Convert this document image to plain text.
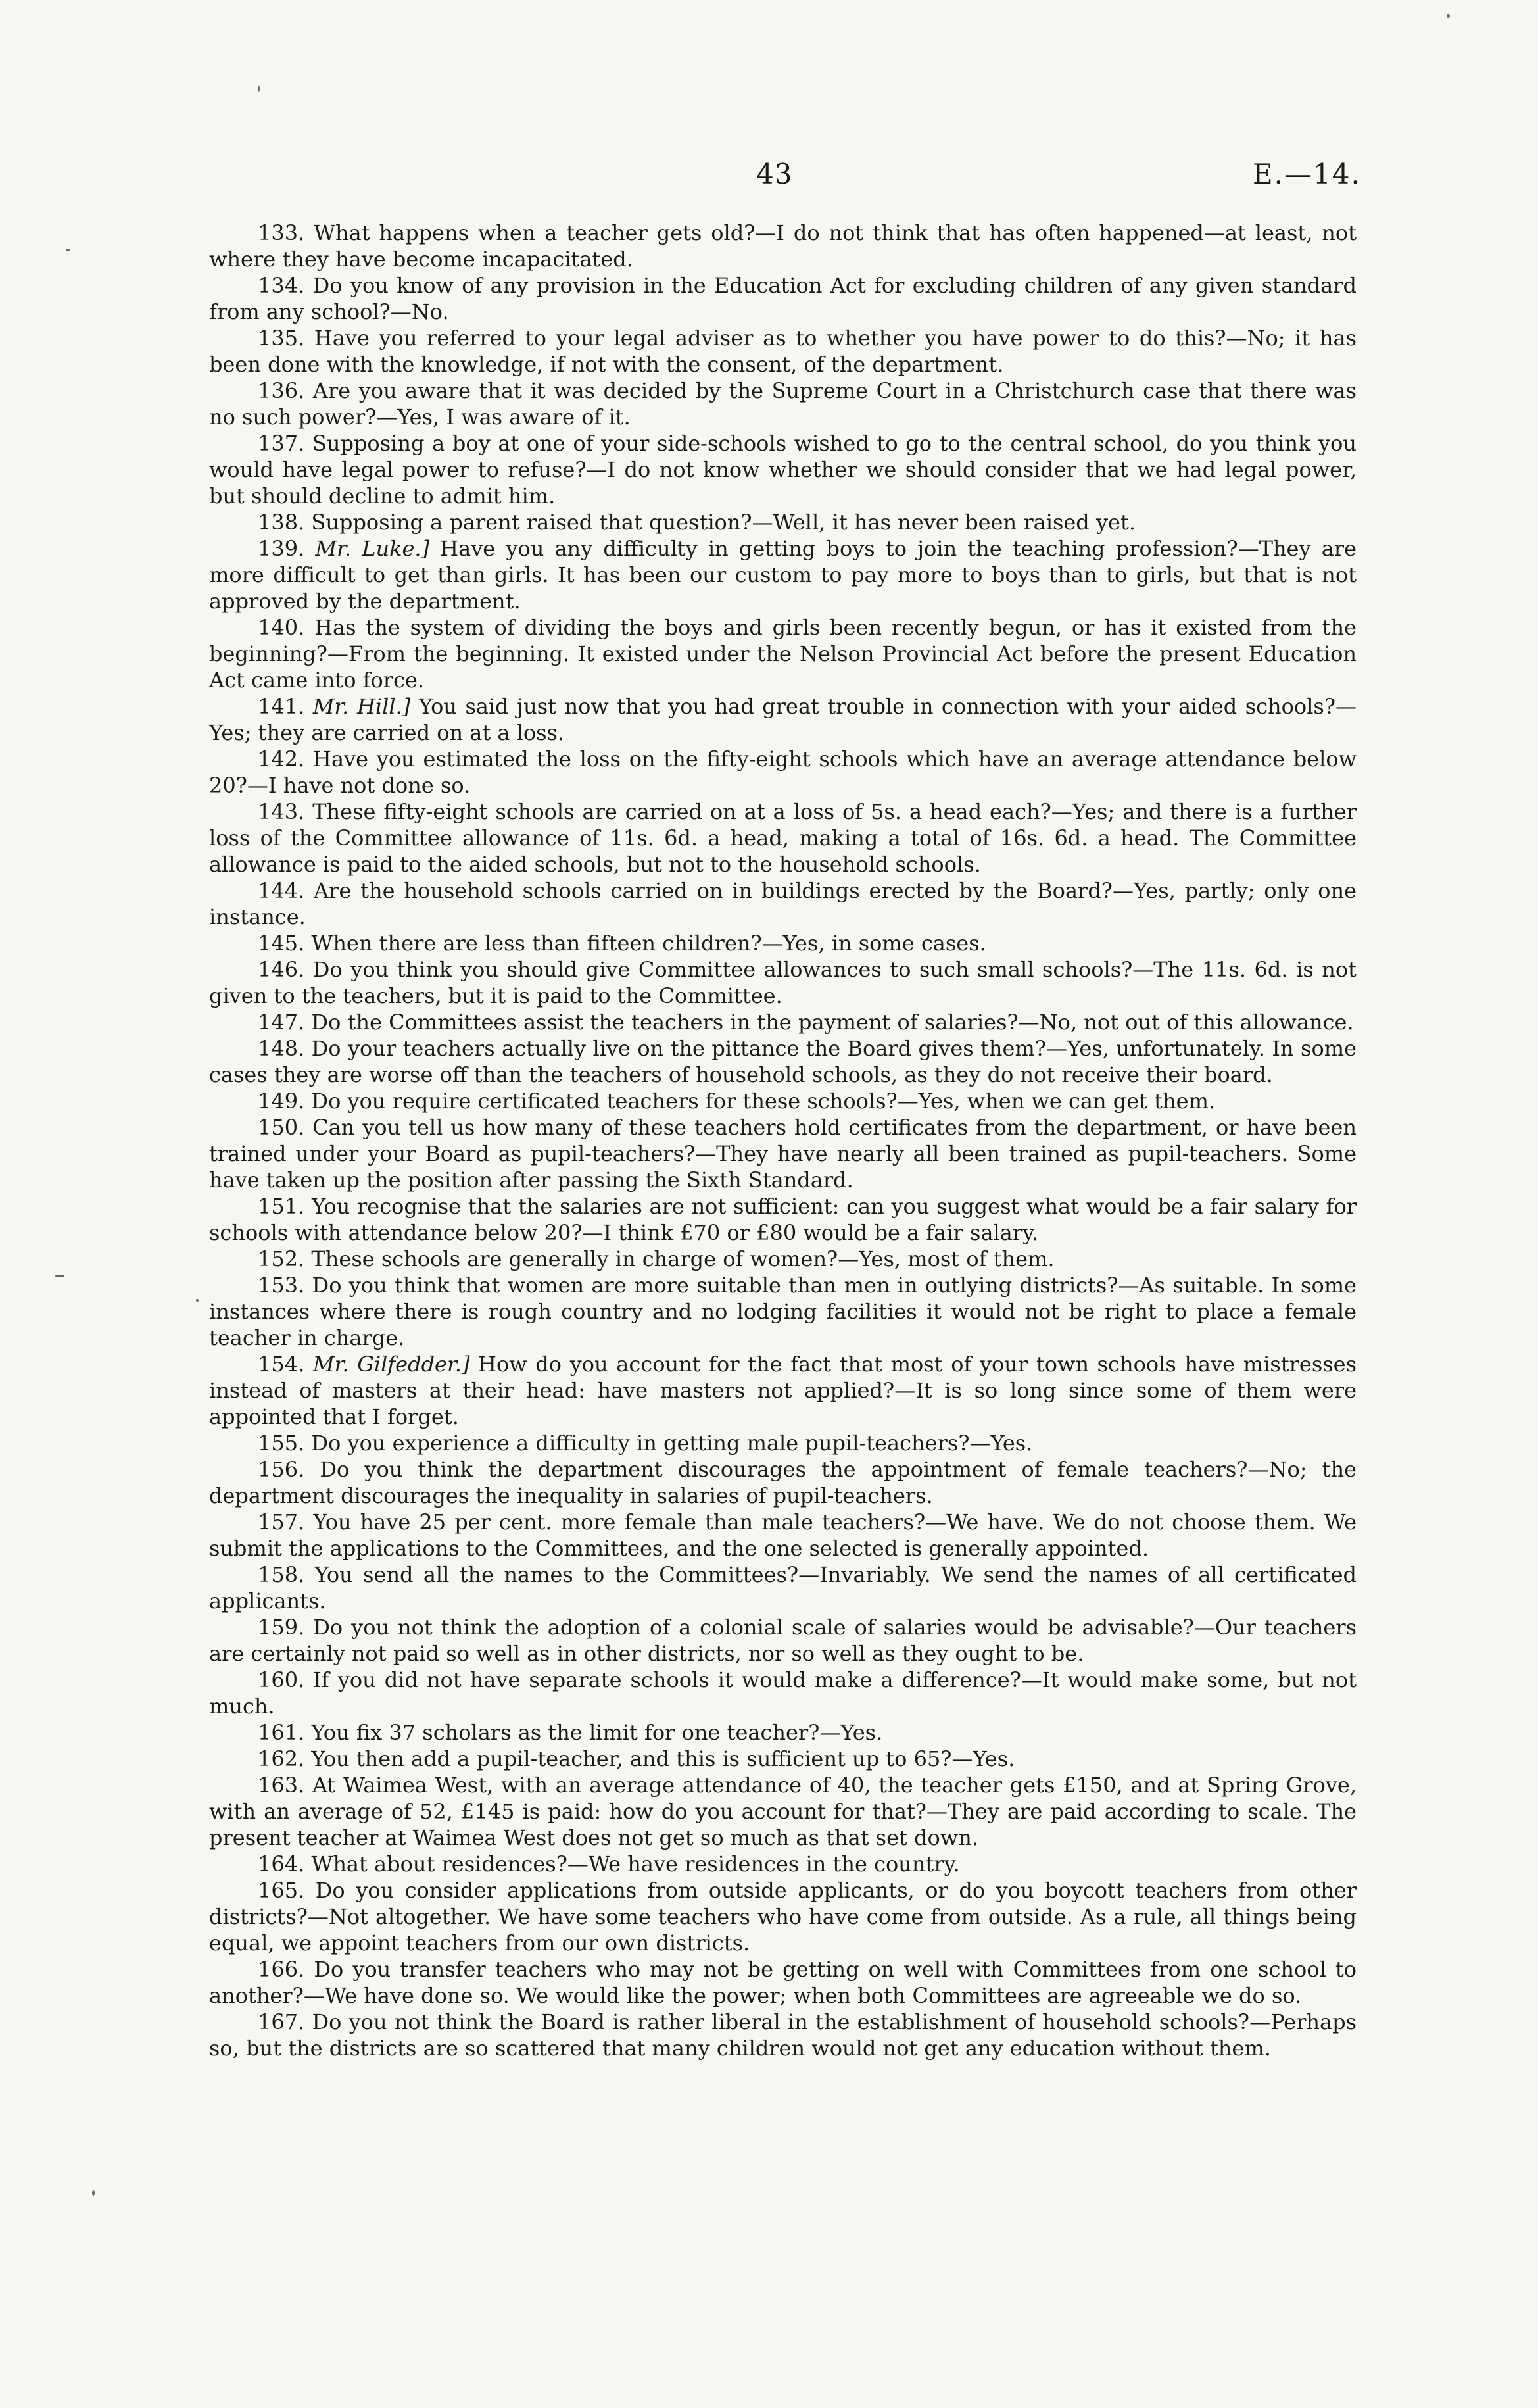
43	E.—14.

133. What happens when a teacher gets old?—I do not think that has often happened—at least, not where they have become incapacitated.

134. Do you know of any provision in the Education Act for excluding children of any given standard from any school?—No.

135. Have you referred to your legal adviser as to whether you have power to do this?—No; it has been done with the knowledge, if not with the consent, of the department.

136. Are you aware that it was decided by the Supreme Court in a Christchurch case that there was no such power?—Yes, I was aware of it.

137. Supposing a boy at one of your side-schools wished to go to the central school, do you think you would have legal power to refuse?—I do not know whether we should consider that we had legal power, but should decline to admit him.

138. Supposing a parent raised that question?—Well, it has never been raised yet.

139. Mr. Luke.] Have you any difficulty in getting boys to join the teaching profession?—They are more difficult to get than girls. It has been our custom to pay more to boys than to girls, but that is not approved by the department.

140. Has the system of dividing the boys and girls been recently begun, or has it existed from the beginning?—From the beginning. It existed under the Nelson Provincial Act before the present Education Act came into force.

141. Mr. Hill.] You said just now that you had great trouble in connection with your aided schools?—Yes; they are carried on at a loss.

142. Have you estimated the loss on the fifty-eight schools which have an average attendance below 20?—I have not done so.

143. These fifty-eight schools are carried on at a loss of 5s. a head each?—Yes; and there is a further loss of the Committee allowance of 11s. 6d. a head, making a total of 16s. 6d. a head. The Committee allowance is paid to the aided schools, but not to the household schools.

144. Are the household schools carried on in buildings erected by the Board?—Yes, partly; only one instance.

145. When there are less than fifteen children?—Yes, in some cases.

146. Do you think you should give Committee allowances to such small schools?—The 11s. 6d. is not given to the teachers, but it is paid to the Committee.

147. Do the Committees assist the teachers in the payment of salaries?—No, not out of this allowance.

148. Do your teachers actually live on the pittance the Board gives them?—Yes, unfortunately. In some cases they are worse off than the teachers of household schools, as they do not receive their board.

149. Do you require certificated teachers for these schools?—Yes, when we can get them.

150. Can you tell us how many of these teachers hold certificates from the department, or have been trained under your Board as pupil-teachers?—They have nearly all been trained as pupil-teachers. Some have taken up the position after passing the Sixth Standard.

151. You recognise that the salaries are not sufficient: can you suggest what would be a fair salary for schools with attendance below 20?—I think £70 or £80 would be a fair salary.

152. These schools are generally in charge of women?—Yes, most of them.

153. Do you think that women are more suitable than men in outlying districts?—As suitable. In some instances where there is rough country and no lodging facilities it would not be right to place a female teacher in charge.

154. Mr. Gilfedder.] How do you account for the fact that most of your town schools have mistresses instead of masters at their head: have masters not applied?—It is so long since some of them were appointed that I forget.

155. Do you experience a difficulty in getting male pupil-teachers?—Yes.

156. Do you think the department discourages the appointment of female teachers?—No; the department discourages the inequality in salaries of pupil-teachers.

157. You have 25 per cent. more female than male teachers?—We have. We do not choose them. We submit the applications to the Committees, and the one selected is generally appointed.

158. You send all the names to the Committees?—Invariably. We send the names of all certificated applicants.

159. Do you not think the adoption of a colonial scale of salaries would be advisable?—Our teachers are certainly not paid so well as in other districts, nor so well as they ought to be.

160. If you did not have separate schools it would make a difference?—It would make some, but not much.

161. You fix 37 scholars as the limit for one teacher?—Yes.

162. You then add a pupil-teacher, and this is sufficient up to 65?—Yes.

163. At Waimea West, with an average attendance of 40, the teacher gets £150, and at Spring Grove, with an average of 52, £145 is paid: how do you account for that?—They are paid according to scale. The present teacher at Waimea West does not get so much as that set down.

164. What about residences?—We have residences in the country.

165. Do you consider applications from outside applicants, or do you boycott teachers from other districts?—Not altogether. We have some teachers who have come from outside. As a rule, all things being equal, we appoint teachers from our own districts.

166. Do you transfer teachers who may not be getting on well with Committees from one school to another?—We have done so. We would like the power; when both Committees are agreeable we do so.

167. Do you not think the Board is rather liberal in the establishment of household schools?—Perhaps so, but the districts are so scattered that many children would not get any education without them.
